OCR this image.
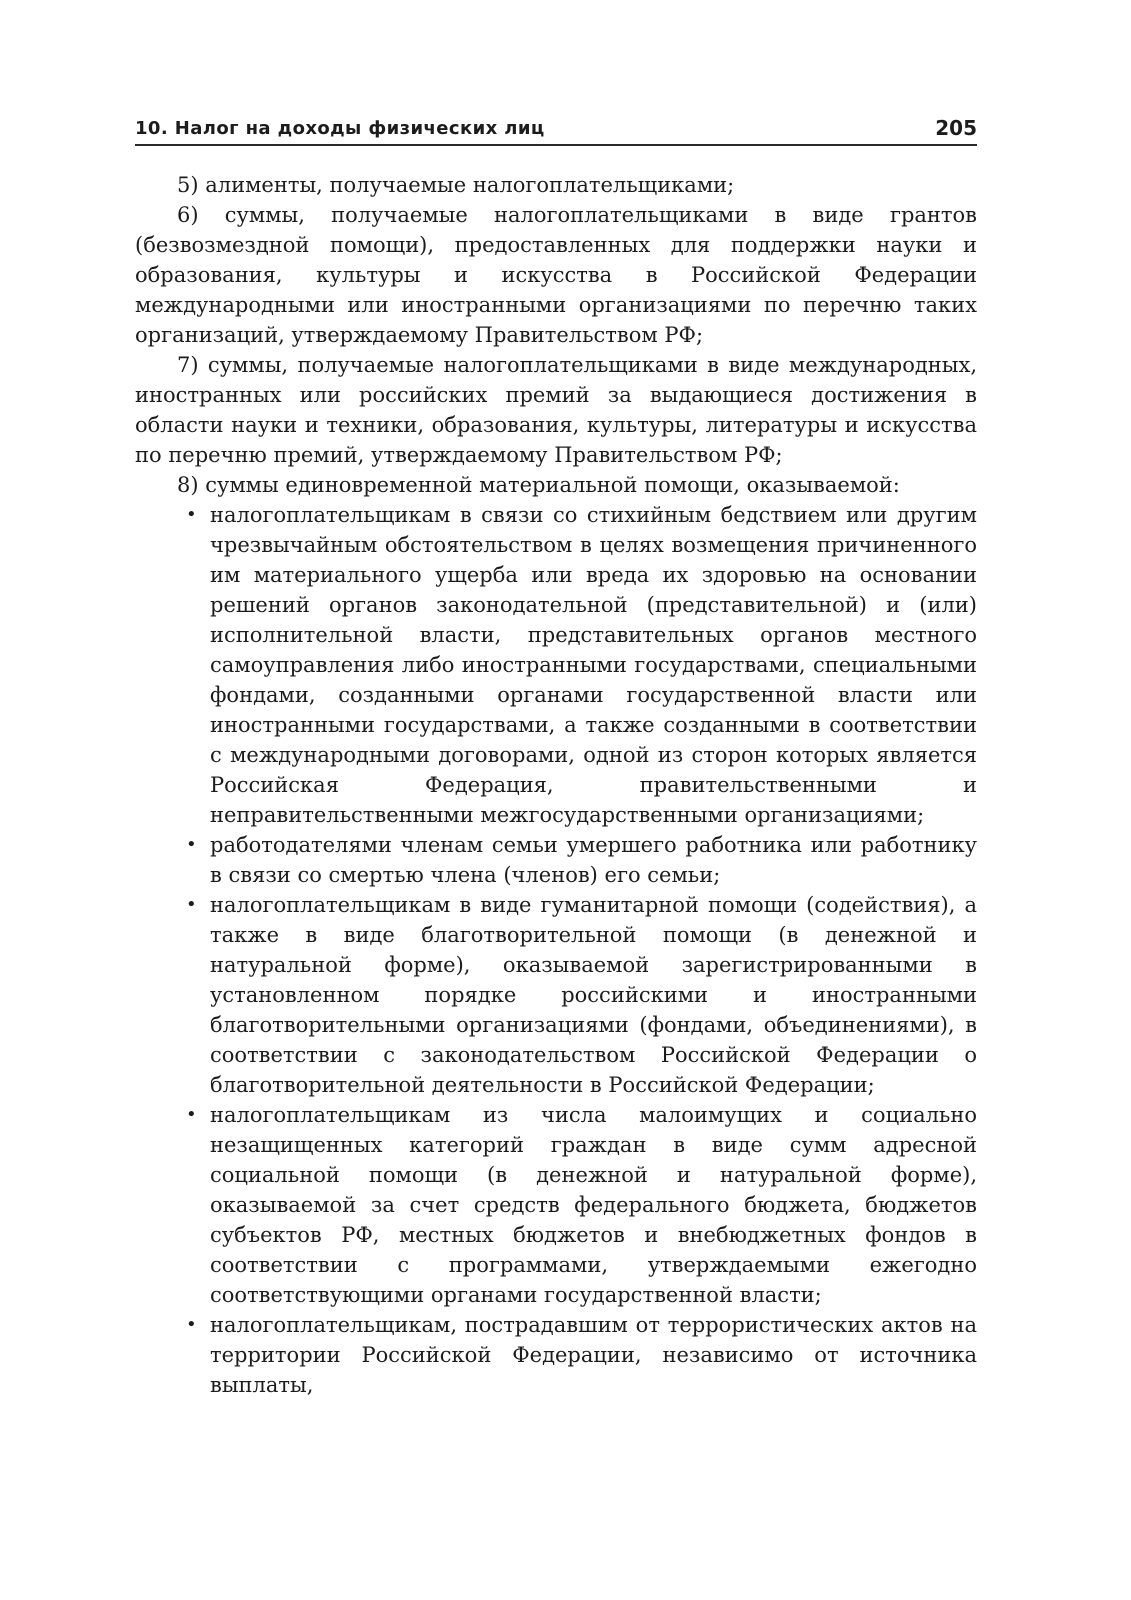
10. Налог на доходы физических лиц	205

5) алименты, получаемые налогоплательщиками;

6) суммы, получаемые налогоплательщиками в виде грантов (безвозмездной помощи), предоставленных для поддержки науки и образования, культуры и искусства в Российской Федерации международными или иностранными организациями по перечню таких организаций, утверждаемому Правительством РФ;

7) суммы, получаемые налогоплательщиками в виде международных, иностранных или российских премий за выдающиеся достижения в области науки и техники, образования, культуры, литературы и искусства по перечню премий, утверждаемому Правительством РФ;

8) суммы единовременной материальной помощи, оказываемой:

• налогоплательщикам в связи со стихийным бедствием или другим чрезвычайным обстоятельством в целях возмещения причиненного им материального ущерба или вреда их здоровью на основании решений органов законодательной (представительной) и (или) исполнительной власти, представительных органов местного самоуправления либо иностранными государствами, специальными фондами, созданными органами государственной власти или иностранными государствами, а также созданными в соответствии с международными договорами, одной из сторон которых является Российская Федерация, правительственными и неправительственными межгосударственными организациями;
• работодателями членам семьи умершего работника или работнику в связи со смертью члена (членов) его семьи;
• налогоплательщикам в виде гуманитарной помощи (содействия), а также в виде благотворительной помощи (в денежной и натуральной форме), оказываемой зарегистрированными в установленном порядке российскими и иностранными благотворительными организациями (фондами, объединениями), в соответствии с законодательством Российской Федерации о благотворительной деятельности в Российской Федерации;
• налогоплательщикам из числа малоимущих и социально незащищенных категорий граждан в виде сумм адресной социальной помощи (в денежной и натуральной форме), оказываемой за счет средств федерального бюджета, бюджетов субъектов РФ, местных бюджетов и внебюджетных фондов в соответствии с программами, утверждаемыми ежегодно соответствующими органами государственной власти;
• налогоплательщикам, пострадавшим от террористических актов на территории Российской Федерации, независимо от источника выплаты,
